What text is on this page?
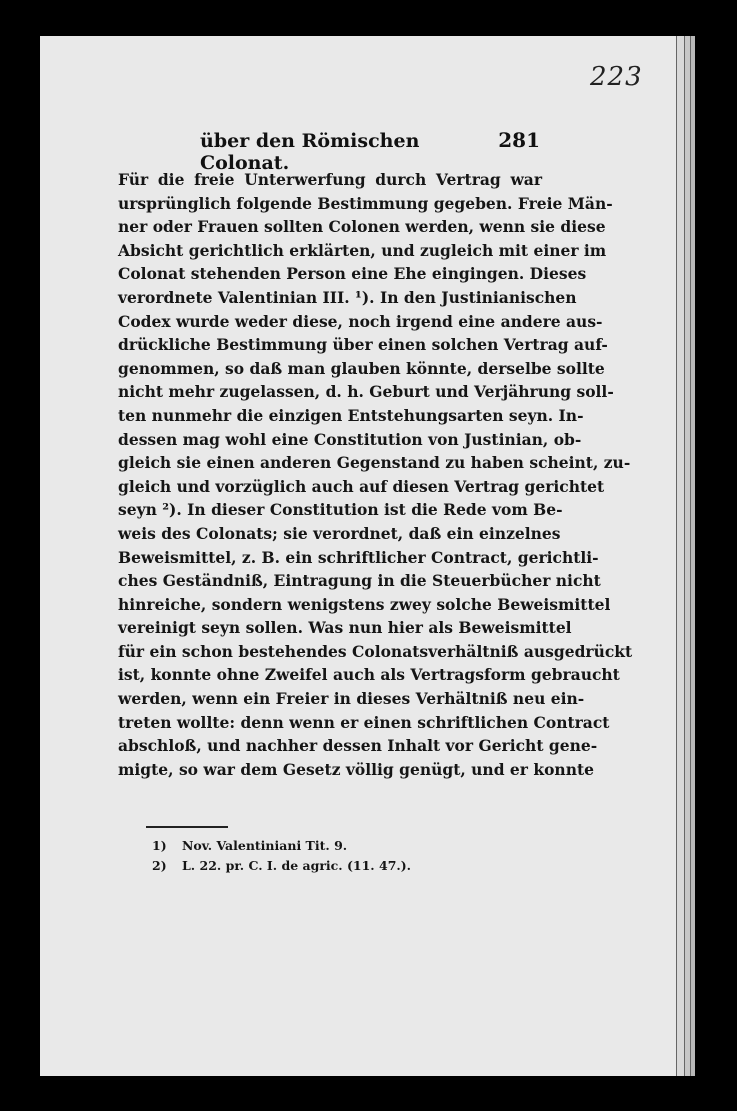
223
über den Römischen Colonat.
281
Für die freie Unterwerfung durch Vertrag war
ursprünglich folgende Bestimmung gegeben. Freie Män-
ner oder Frauen sollten Colonen werden, wenn sie diese
Absicht gerichtlich erklärten, und zugleich mit einer im
Colonat stehenden Person eine Ehe eingingen. Dieses
verordnete Valentinian III. ¹). In den Justinianischen
Codex wurde weder diese, noch irgend eine andere aus-
drückliche Bestimmung über einen solchen Vertrag auf-
genommen, so daß man glauben könnte, derselbe sollte
nicht mehr zugelassen, d. h. Geburt und Verjährung soll-
ten nunmehr die einzigen Entstehungsarten seyn. In-
dessen mag wohl eine Constitution von Justinian, ob-
gleich sie einen anderen Gegenstand zu haben scheint, zu-
gleich und vorzüglich auch auf diesen Vertrag gerichtet
seyn ²). In dieser Constitution ist die Rede vom Be-
weis des Colonats; sie verordnet, daß ein einzelnes
Beweismittel, z. B. ein schriftlicher Contract, gerichtli-
ches Geständniß, Eintragung in die Steuerbücher nicht
hinreiche, sondern wenigstens zwey solche Beweismittel
vereinigt seyn sollen. Was nun hier als Beweismittel
für ein schon bestehendes Colonatsverhältniß ausgedrückt
ist, konnte ohne Zweifel auch als Vertragsform gebraucht
werden, wenn ein Freier in dieses Verhältniß neu ein-
treten wollte: denn wenn er einen schriftlichen Contract
abschloß, und nachher dessen Inhalt vor Gericht gene-
migte, so war dem Gesetz völlig genügt, und er konnte
1) Nov. Valentiniani Tit. 9.
2) L. 22. pr. C. I. de agric. (11. 47.).
